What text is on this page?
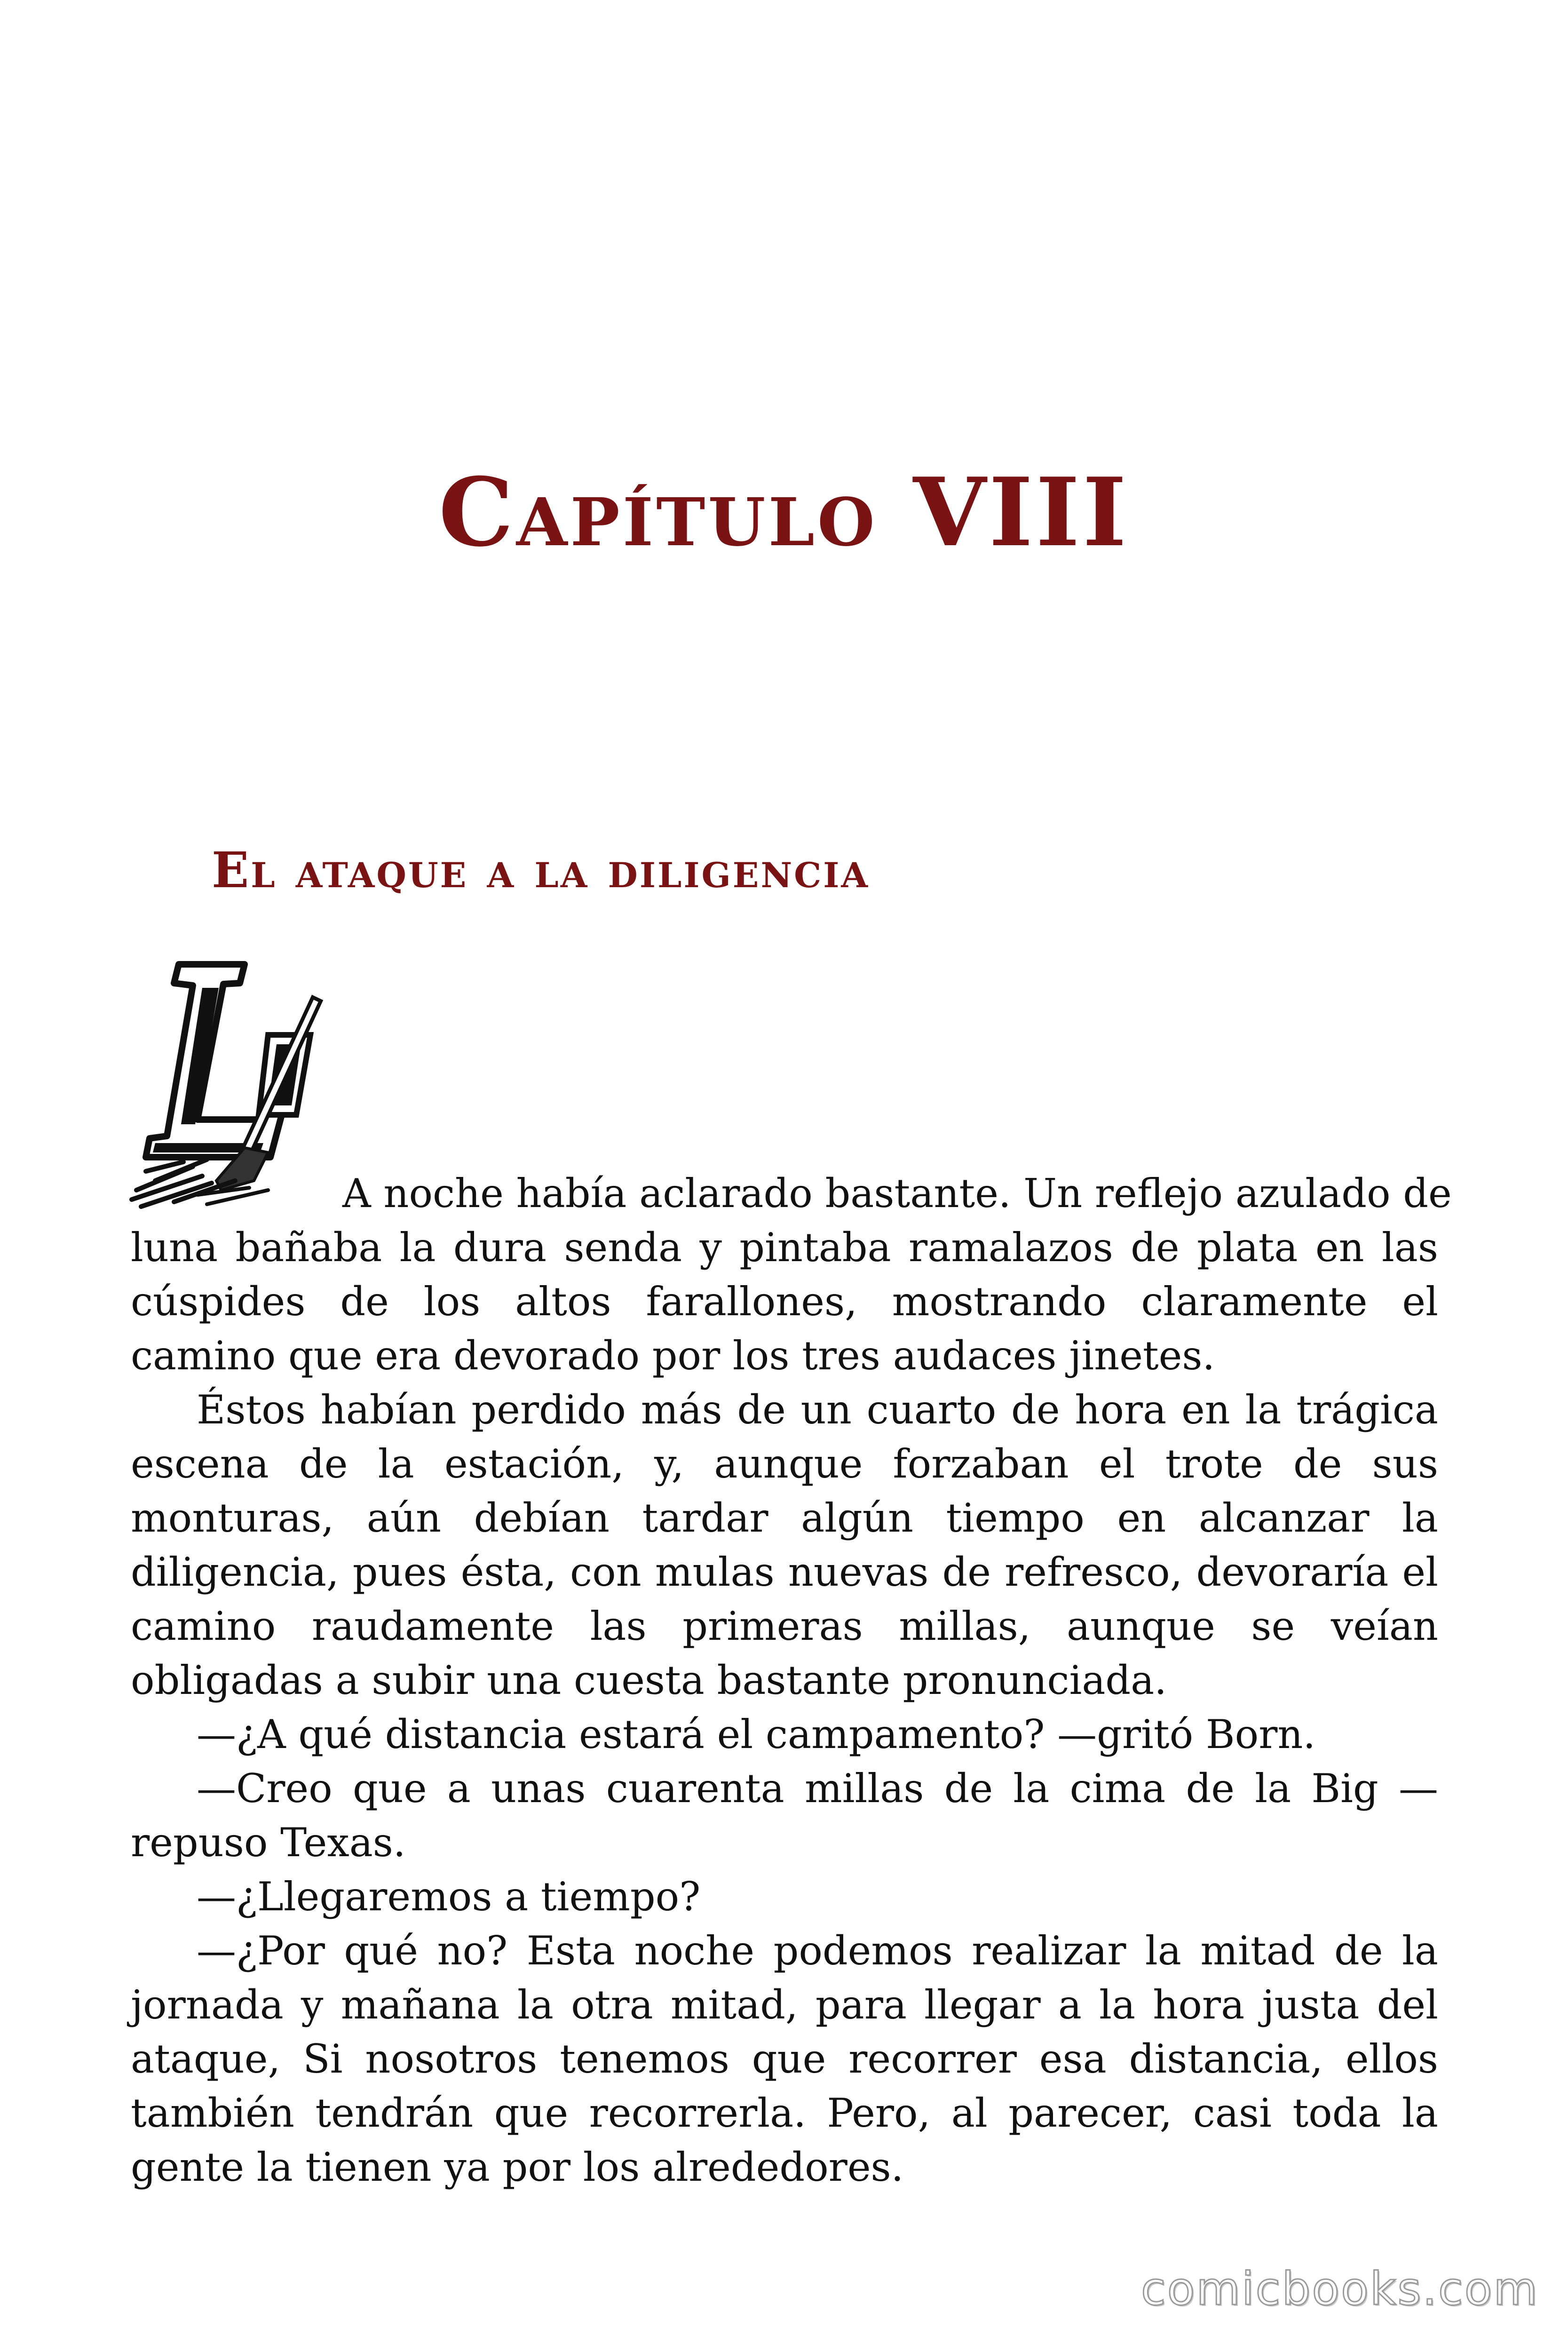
Capítulo VIII
El ataque a la diligencia

A noche había aclarado bastante. Un reflejo azulado de

luna bañaba la dura senda y pintaba ramalazos de plata en las cúspides de los altos farallones, mostrando claramente el camino que era devorado por los tres audaces jinetes.

Éstos habían perdido más de un cuarto de hora en la trágica escena de la estación, y, aunque forzaban el trote de sus monturas, aún debían tardar algún tiempo en alcanzar la diligencia, pues ésta, con mulas nuevas de refresco, devoraría el camino raudamente las primeras millas, aunque se veían obligadas a subir una cuesta bastante pronunciada.

—¿A qué distancia estará el campamento? —gritó Born.

—Creo que a unas cuarenta millas de la cima de la Big —repuso Texas.

—¿Llegaremos a tiempo?

—¿Por qué no? Esta noche podemos realizar la mitad de la jornada y mañana la otra mitad, para llegar a la hora justa del ataque, Si nosotros tenemos que recorrer esa distancia, ellos también tendrán que recorrerla. Pero, al parecer, casi toda la gente la tienen ya por los alrededores.

comicbooks.com
